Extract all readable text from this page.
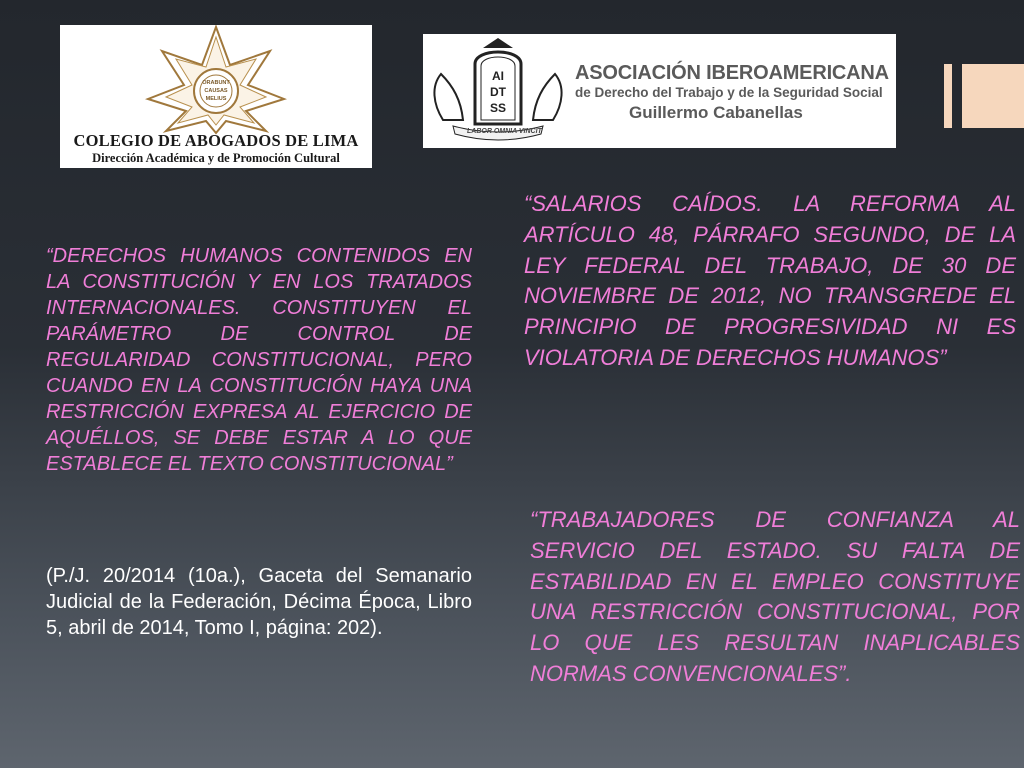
ORABUNT
CAUSAS
MELIUS
COLEGIO DE ABOGADOS DE LIMA
Dirección Académica y de Promoción Cultural
AI
DT
SS
LABOR OMNIA VINCIT
ASOCIACIÓN IBEROAMERICANA
de Derecho del Trabajo y de la Seguridad Social
Guillermo Cabanellas
“DERECHOS HUMANOS CONTENIDOS EN LA CONSTITUCIÓN Y EN LOS TRATADOS INTERNACIONALES. CONSTITUYEN EL PARÁMETRO DE CONTROL DE REGULARIDAD CONSTITUCIONAL, PERO CUANDO EN LA CONSTITUCIÓN HAYA UNA RESTRICCIÓN EXPRESA AL EJERCICIO DE AQUÉLLOS, SE DEBE ESTAR A LO QUE ESTABLECE EL TEXTO CONSTITUCIONAL”
(P./J. 20/2014 (10a.), Gaceta del Semanario Judicial de la Federación, Décima Época, Libro 5, abril de 2014, Tomo I, página: 202).
“SALARIOS CAÍDOS. LA REFORMA AL ARTÍCULO 48, PÁRRAFO SEGUNDO, DE LA LEY FEDERAL DEL TRABAJO, DE 30 DE NOVIEMBRE DE 2012, NO TRANSGREDE EL PRINCIPIO DE PROGRESIVIDAD NI ES VIOLATORIA DE DERECHOS HUMANOS”
“TRABAJADORES DE CONFIANZA AL SERVICIO DEL ESTADO. SU FALTA DE ESTABILIDAD EN EL EMPLEO CONSTITUYE UNA RESTRICCIÓN CONSTITUCIONAL, POR LO QUE LES RESULTAN INAPLICABLES NORMAS CONVENCIONALES”.
